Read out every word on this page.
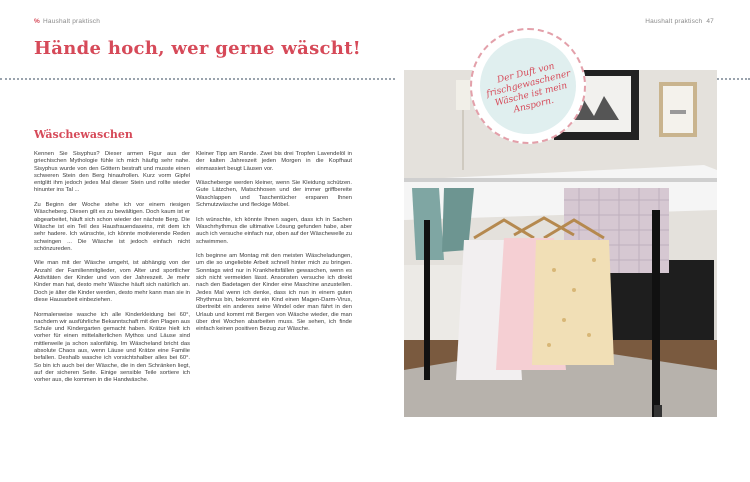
% Haushalt praktisch	Haushalt praktisch 47
Hände hoch, wer gerne wäscht!
Wäschewaschen

Kennen Sie Sisyphus? Dieser armen Figur aus der griechischen Mythologie fühle ich mich häufig sehr nahe. Sisyphus wurde von den Göttern bestraft und musste einen schweren Stein den Berg hinaufrollen. Kurz vorm Gipfel entglitt ihm jedoch jedes Mal dieser Stein und rollte wieder hinunter ins Tal ...

Zu Beginn der Woche stehe ich vor einem riesigen Wäscheberg. Diesen gilt es zu bewältigen. Doch kaum ist er abgearbeitet, häuft sich schon wieder der nächste Berg. Die Wäsche ist ein Teil des Hausfrauendaseins, mit dem ich sehr hadere. Ich wünschte, ich könnte motivierende Reden schwingen ... Die Wäsche ist jedoch einfach nicht schönzureden.

Wie man mit der Wäsche umgeht, ist abhängig von der Anzahl der Familienmitglieder, vom Alter und sportlicher Aktivitäten der Kinder und von der Jahreszeit. Je mehr Kinder man hat, desto mehr Wäsche häuft sich natürlich an. Doch je älter die Kinder werden, desto mehr kann man sie in diese Hausarbeit einbeziehen.

Normalerweise wasche ich alle Kinderkleidung bei 60°, nachdem wir ausführliche Bekanntschaft mit den Plagen aus Schule und Kindergarten gemacht haben. Krätze hielt ich vorher für einen mittelalterlichen Mythos und Läuse sind mittlerweile ja schon salonfähig. Im Wäscheland bricht das absolute Chaos aus, wenn Läuse und Krätze eine Familie befallen. Deshalb wasche ich vorsichtshalber alles bei 60°. So bin ich auch bei der Wäsche, die in den Schränken liegt, auf der sicheren Seite. Einige sensible Teile sortiere ich vorher aus, die kommen in die Handwäsche.

Kleiner Tipp am Rande. Zwei bis drei Tropfen Lavendelöl in der kalten Jahreszeit jeden Morgen in die Kopfhaut einmassiert beugt Läusen vor.

Wäscheberge werden kleiner, wenn Sie Kleidung schützen. Gute Lätzchen, Matschhosen und der immer griffbereite Waschlappen und Taschentücher ersparen Ihnen Schmutzwäsche und fleckige Möbel.

Ich wünschte, ich könnte Ihnen sagen, dass ich in Sachen Waschrhythmus die ultimative Lösung gefunden habe, aber auch ich versuche einfach nur, oben auf der Wäschewelle zu schwimmen.

Ich beginne am Montag mit den meisten Wäscheladungen, um die so ungeliebte Arbeit schnell hinter mich zu bringen. Sonntags wird nur in Krankheitsfällen gewaschen, wenn es sich nicht vermeiden lässt. Ansonsten versuche ich direkt nach den Badetagen der Kinder eine Maschine anzustellen. Jedes Mal wenn ich denke, dass ich nun in einem guten Rhythmus bin, bekommt ein Kind einen Magen-Darm-Virus, übertreibt ein anderes seine Windel oder man fährt in den Urlaub und kommt mit Bergen von Wäsche wieder, die man über drei Wochen abarbeiten muss. Sie sehen, ich finde einfach keinen positiven Bezug zur Wäsche.

Der Duft von frischgewaschener Wäsche ist mein Ansporn.
